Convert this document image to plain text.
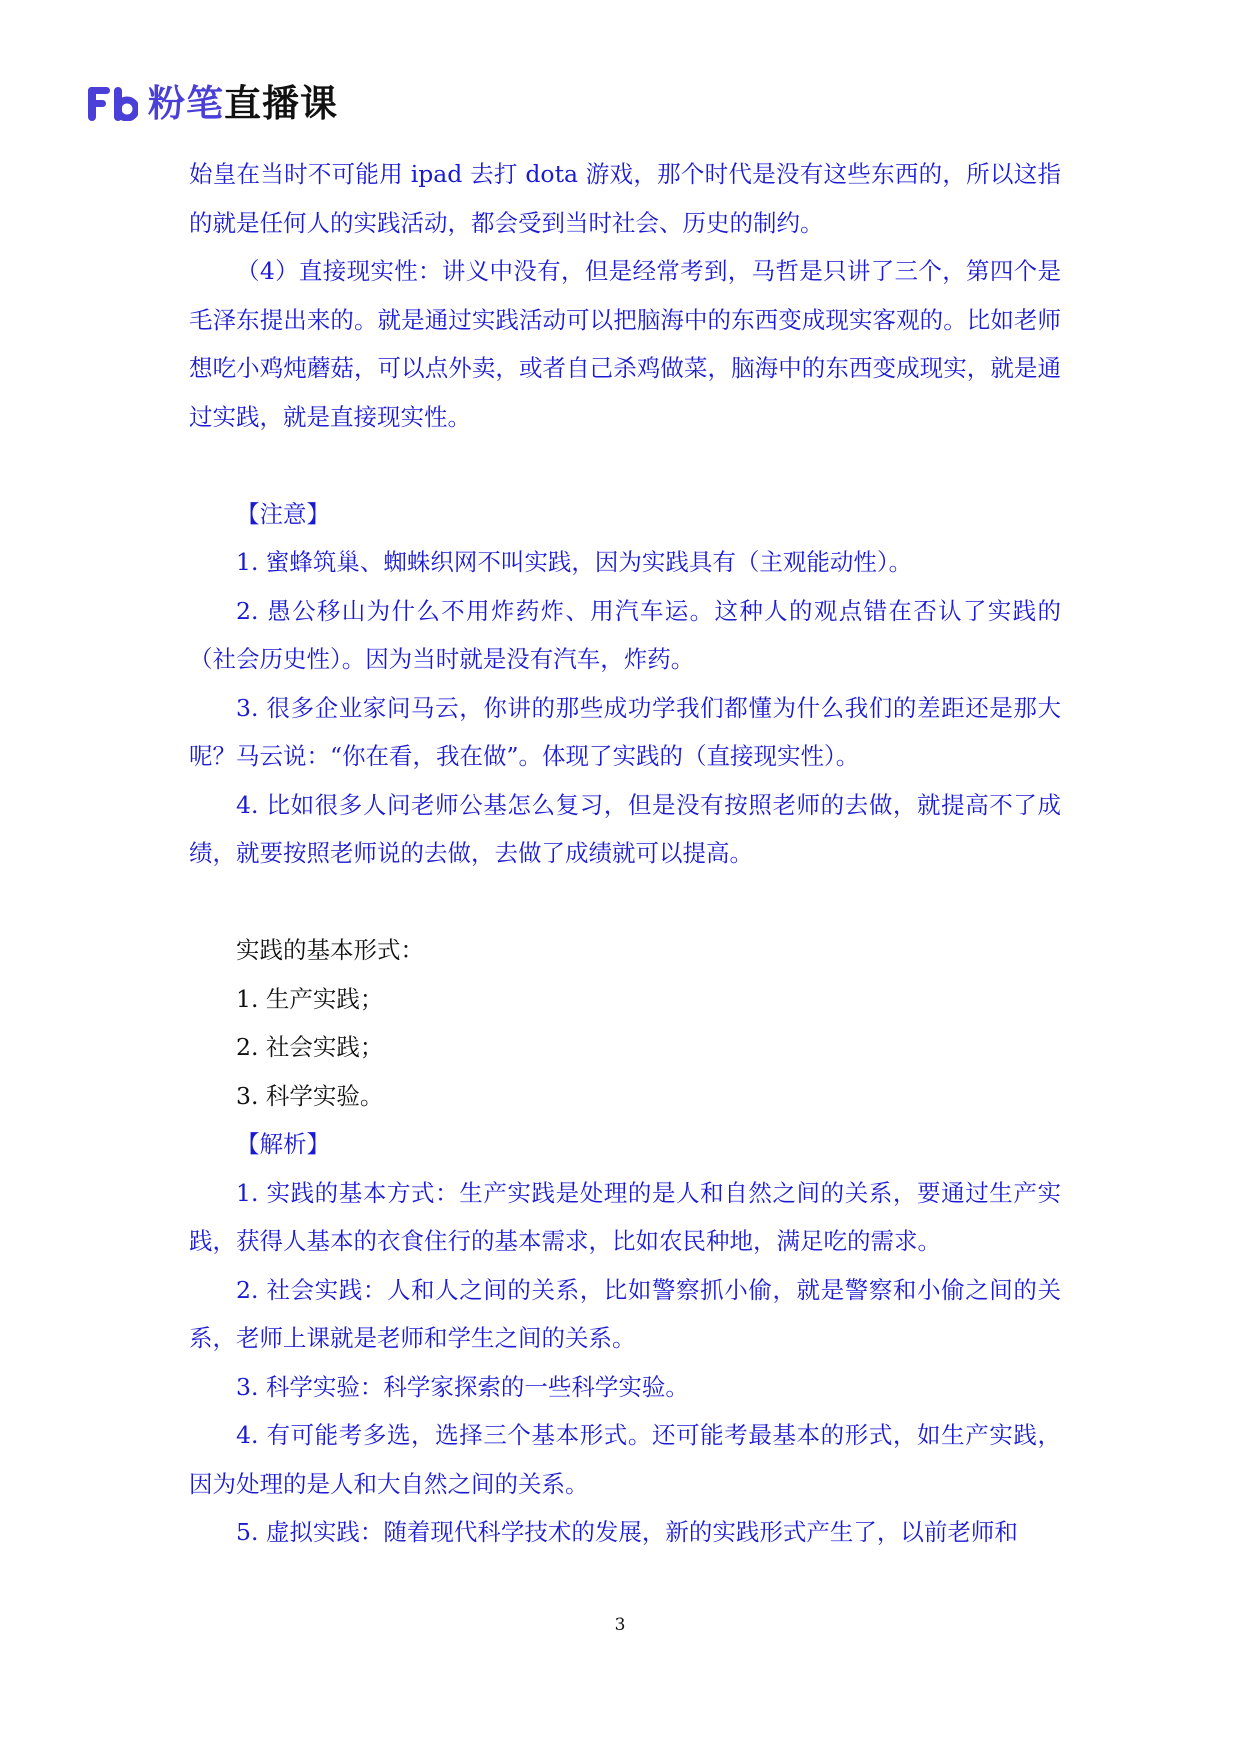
粉笔直播课

始皇在当时不可能用 ipad 去打 dota 游戏，那个时代是没有这些东西的，所以这指的就是任何人的实践活动，都会受到当时社会、历史的制约。

（4）直接现实性：讲义中没有，但是经常考到，马哲是只讲了三个，第四个是毛泽东提出来的。就是通过实践活动可以把脑海中的东西变成现实客观的。比如老师想吃小鸡炖蘑菇，可以点外卖，或者自己杀鸡做菜，脑海中的东西变成现实，就是通过实践，就是直接现实性。

【注意】

1. 蜜蜂筑巢、蜘蛛织网不叫实践，因为实践具有（主观能动性）。

2. 愚公移山为什么不用炸药炸、用汽车运。这种人的观点错在否认了实践的（社会历史性）。因为当时就是没有汽车，炸药。

3. 很多企业家问马云，你讲的那些成功学我们都懂为什么我们的差距还是那大呢？马云说：“你在看，我在做”。体现了实践的（直接现实性）。

4. 比如很多人问老师公基怎么复习，但是没有按照老师的去做，就提高不了成绩，就要按照老师说的去做，去做了成绩就可以提高。

实践的基本形式：

1. 生产实践；

2. 社会实践；

3. 科学实验。

【解析】

1. 实践的基本方式：生产实践是处理的是人和自然之间的关系，要通过生产实践，获得人基本的衣食住行的基本需求，比如农民种地，满足吃的需求。

2. 社会实践：人和人之间的关系，比如警察抓小偷，就是警察和小偷之间的关系，老师上课就是老师和学生之间的关系。

3. 科学实验：科学家探索的一些科学实验。

4. 有可能考多选，选择三个基本形式。还可能考最基本的形式，如生产实践，因为处理的是人和大自然之间的关系。

5. 虚拟实践：随着现代科学技术的发展，新的实践形式产生了，以前老师和

3
